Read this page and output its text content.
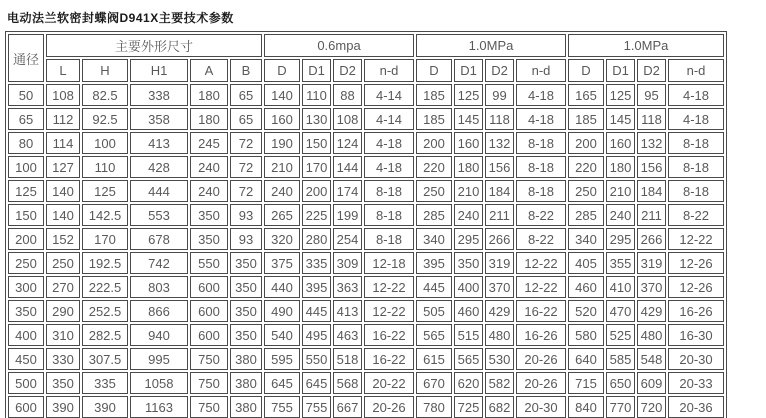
电动法兰软密封蝶阀D941X主要技术参数
通径	主要外形尺寸					0.6mpa				1.0MPa				1.0MPa			
	L	H	H1	A	B	D	D1	D2	n-d	D	D1	D2	n-d	D	D1	D2	n-d
50	108	82.5	338	180	65	140	110	88	4-14	185	125	99	4-18	165	125	95	4-18
65	112	92.5	358	180	65	160	130	108	4-14	185	145	118	4-18	185	145	118	4-18
80	114	100	413	245	72	190	150	124	4-18	200	160	132	8-18	200	160	132	8-18
100	127	110	428	240	72	210	170	144	4-18	220	180	156	8-18	220	180	156	8-18
125	140	125	444	240	72	240	200	174	8-18	250	210	184	8-18	250	210	184	8-18
150	140	142.5	553	350	93	265	225	199	8-18	285	240	211	8-22	285	240	211	8-22
200	152	170	678	350	93	320	280	254	8-18	340	295	266	8-22	340	295	266	12-22
250	250	192.5	742	550	350	375	335	309	12-18	395	350	319	12-22	405	355	319	12-26
300	270	222.5	803	600	350	440	395	363	12-22	445	400	370	12-22	460	410	370	12-26
350	290	252.5	866	600	350	490	445	413	12-22	505	460	429	16-22	520	470	429	16-26
400	310	282.5	940	600	350	540	495	463	16-22	565	515	480	16-26	580	525	480	16-30
450	330	307.5	995	750	380	595	550	518	16-22	615	565	530	20-26	640	585	548	20-30
500	350	335	1058	750	380	645	645	568	20-22	670	620	582	20-26	715	650	609	20-33
600	390	390	1163	750	380	755	755	667	20-26	780	725	682	20-30	840	770	720	20-36
